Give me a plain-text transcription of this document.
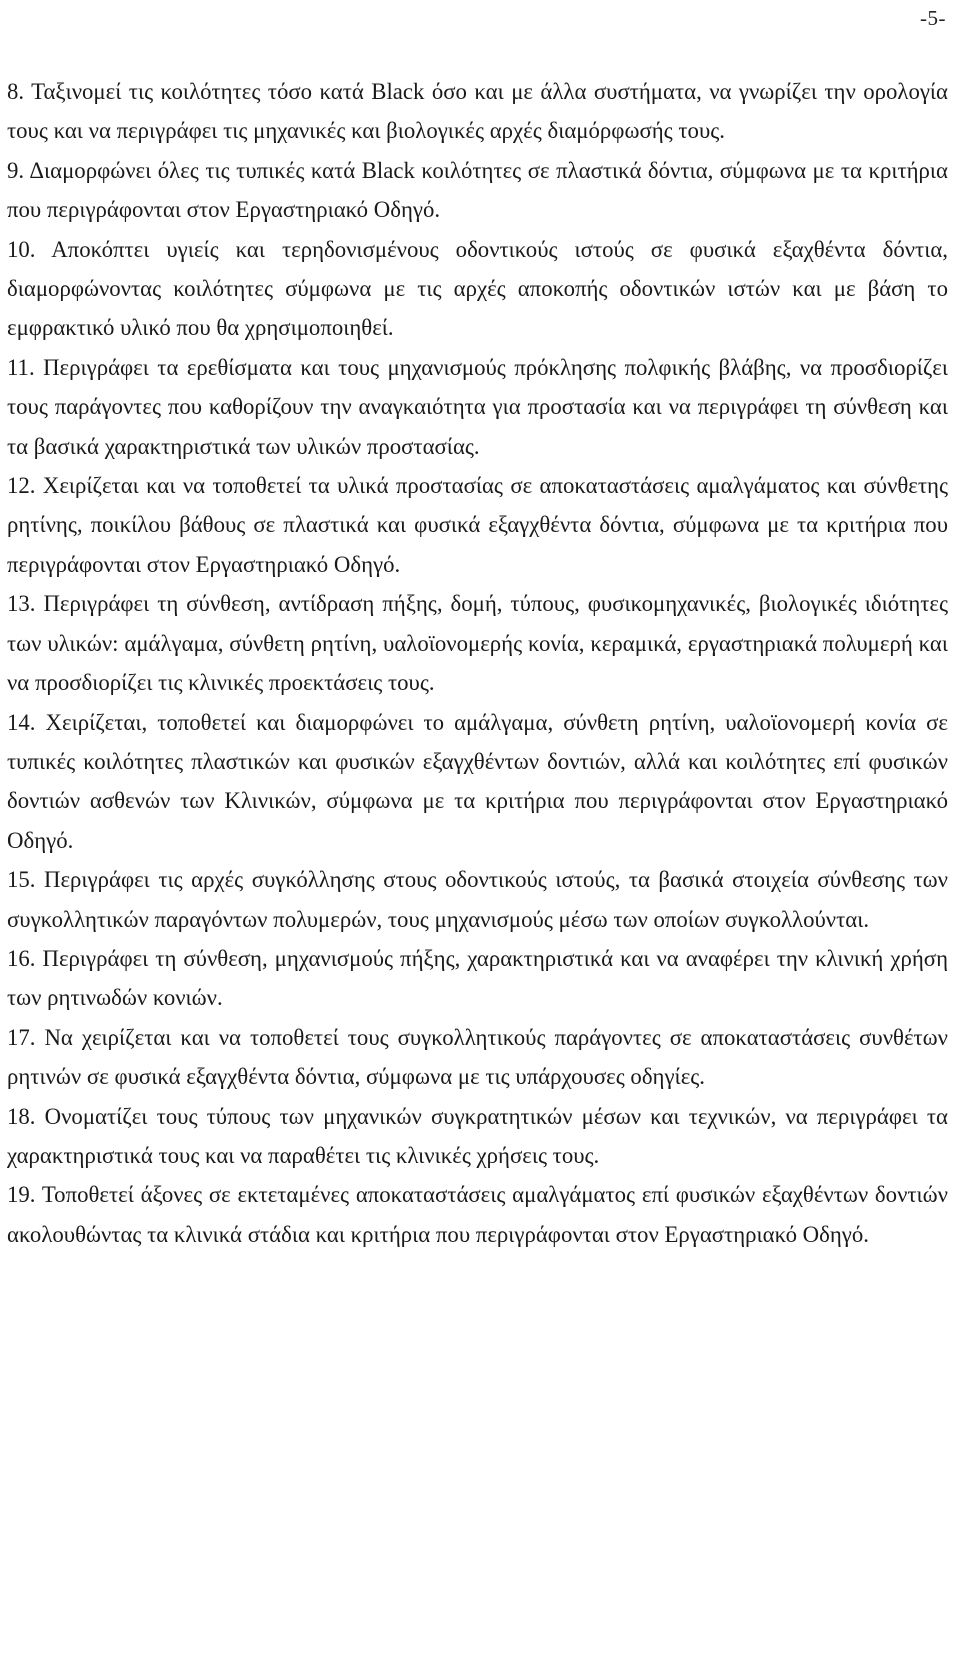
-5-

8. Ταξινομεί τις κοιλότητες τόσο κατά Black όσο και με άλλα συστήματα, να γνωρίζει την ορολογία τους και να περιγράφει τις μηχανικές και βιολογικές αρχές διαμόρφωσής τους.

9. Διαμορφώνει όλες τις τυπικές κατά Black κοιλότητες σε πλαστικά δόντια, σύμφωνα με τα κριτήρια που περιγράφονται στον Εργαστηριακό Οδηγό.

10. Αποκόπτει υγιείς και τερηδονισμένους οδοντικούς ιστούς σε φυσικά εξαχθέντα δόντια, διαμορφώνοντας κοιλότητες σύμφωνα με τις αρχές αποκοπής οδοντικών ιστών και με βάση το εμφρακτικό υλικό που θα χρησιμοποιηθεί.

11. Περιγράφει τα ερεθίσματα και τους μηχανισμούς πρόκλησης πολφικής βλάβης, να προσδιορίζει τους παράγοντες που καθορίζουν την αναγκαιότητα για προστασία και να περιγράφει τη σύνθεση και τα βασικά χαρακτηριστικά των υλικών προστασίας.

12. Χειρίζεται και να τοποθετεί τα υλικά προστασίας σε αποκαταστάσεις αμαλγάματος και σύνθετης ρητίνης, ποικίλου βάθους σε πλαστικά και φυσικά εξαγχθέντα δόντια, σύμφωνα με τα κριτήρια που περιγράφονται στον Εργαστηριακό Οδηγό.

13. Περιγράφει τη σύνθεση, αντίδραση πήξης, δομή, τύπους, φυσικομηχανικές, βιολογικές ιδιότητες των υλικών: αμάλγαμα, σύνθετη ρητίνη, υαλοϊονομερής κονία, κεραμικά, εργαστηριακά πολυμερή και να προσδιορίζει τις κλινικές προεκτάσεις τους.

14. Χειρίζεται, τοποθετεί και διαμορφώνει το αμάλγαμα, σύνθετη ρητίνη, υαλοϊονομερή κονία σε τυπικές κοιλότητες πλαστικών και φυσικών εξαγχθέντων δοντιών, αλλά και κοιλότητες επί φυσικών δοντιών ασθενών των Κλινικών, σύμφωνα με τα κριτήρια που περιγράφονται στον Εργαστηριακό Οδηγό.

15. Περιγράφει τις αρχές συγκόλλησης στους οδοντικούς ιστούς, τα βασικά στοιχεία σύνθεσης των συγκολλητικών παραγόντων πολυμερών, τους μηχανισμούς μέσω των οποίων συγκολλούνται.

16. Περιγράφει τη σύνθεση, μηχανισμούς πήξης, χαρακτηριστικά και να αναφέρει την κλινική χρήση των ρητινωδών κονιών.

17. Να χειρίζεται και να τοποθετεί τους συγκολλητικούς παράγοντες σε αποκαταστάσεις συνθέτων ρητινών σε φυσικά εξαγχθέντα δόντια, σύμφωνα με τις υπάρχουσες οδηγίες.

18. Ονοματίζει τους τύπους των μηχανικών συγκρατητικών μέσων και τεχνικών, να περιγράφει τα χαρακτηριστικά τους και να παραθέτει τις κλινικές χρήσεις τους.

19. Τοποθετεί άξονες σε εκτεταμένες αποκαταστάσεις αμαλγάματος επί φυσικών εξαχθέντων δοντιών ακολουθώντας τα κλινικά στάδια και κριτήρια που περιγράφονται στον Εργαστηριακό Οδηγό.
